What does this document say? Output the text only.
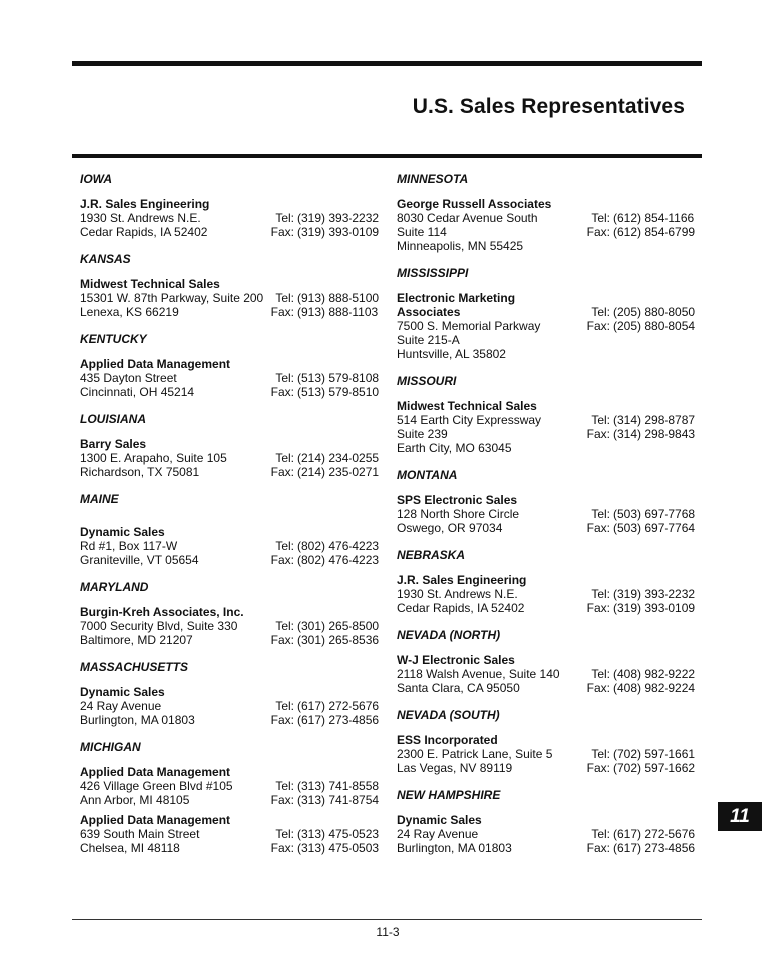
U.S. Sales Representatives
IOWA
J.R. Sales Engineering
1930 St. Andrews N.E.
Cedar Rapids, IA 52402

Tel: (319) 393-2232
Fax: (319) 393-0109
KANSAS
Midwest Technical Sales
15301 W. 87th Parkway, Suite 200
Lenexa, KS 66219

Tel: (913) 888-5100
Fax: (913) 888-1103
KENTUCKY
Applied Data Management
435 Dayton Street
Cincinnati, OH 45214

Tel: (513) 579-8108
Fax: (513) 579-8510
LOUISIANA
Barry Sales
1300 E. Arapaho, Suite 105
Richardson, TX 75081

Tel: (214) 234-0255
Fax: (214) 235-0271
MAINE
Dynamic Sales
Rd #1, Box 117-W
Graniteville, VT 05654

Tel: (802) 476-4223
Fax: (802) 476-4223
MARYLAND
Burgin-Kreh Associates, Inc.
7000 Security Blvd, Suite 330
Baltimore, MD 21207

Tel: (301) 265-8500
Fax: (301) 265-8536
MASSACHUSETTS
Dynamic Sales
24 Ray Avenue
Burlington, MA 01803

Tel: (617) 272-5676
Fax: (617) 273-4856
MICHIGAN
Applied Data Management
426 Village Green Blvd #105
Ann Arbor, MI 48105

Tel: (313) 741-8558
Fax: (313) 741-8754
Applied Data Management
639 South Main Street
Chelsea, MI 48118

Tel: (313) 475-0523
Fax: (313) 475-0503
MINNESOTA
George Russell Associates
8030 Cedar Avenue South
Suite 114
Minneapolis, MN 55425

Tel: (612) 854-1166
Fax: (612) 854-6799
MISSISSIPPI
Electronic Marketing Associates
7500 S. Memorial Parkway
Suite 215-A
Huntsville, AL 35802

Tel: (205) 880-8050
Fax: (205) 880-8054
MISSOURI
Midwest Technical Sales
514 Earth City Expressway
Suite 239
Earth City, MO 63045

Tel: (314) 298-8787
Fax: (314) 298-9843
MONTANA
SPS Electronic Sales
128 North Shore Circle
Oswego, OR 97034

Tel: (503) 697-7768
Fax: (503) 697-7764
NEBRASKA
J.R. Sales Engineering
1930 St. Andrews N.E.
Cedar Rapids, IA 52402

Tel: (319) 393-2232
Fax: (319) 393-0109
NEVADA (NORTH)
W-J Electronic Sales
2118 Walsh Avenue, Suite 140
Santa Clara, CA 95050

Tel: (408) 982-9222
Fax: (408) 982-9224
NEVADA (SOUTH)
ESS Incorporated
2300 E. Patrick Lane, Suite 5
Las Vegas, NV 89119

Tel: (702) 597-1661
Fax: (702) 597-1662
NEW HAMPSHIRE
Dynamic Sales
24 Ray Avenue
Burlington, MA 01803

Tel: (617) 272-5676
Fax: (617) 273-4856
11
11-3
